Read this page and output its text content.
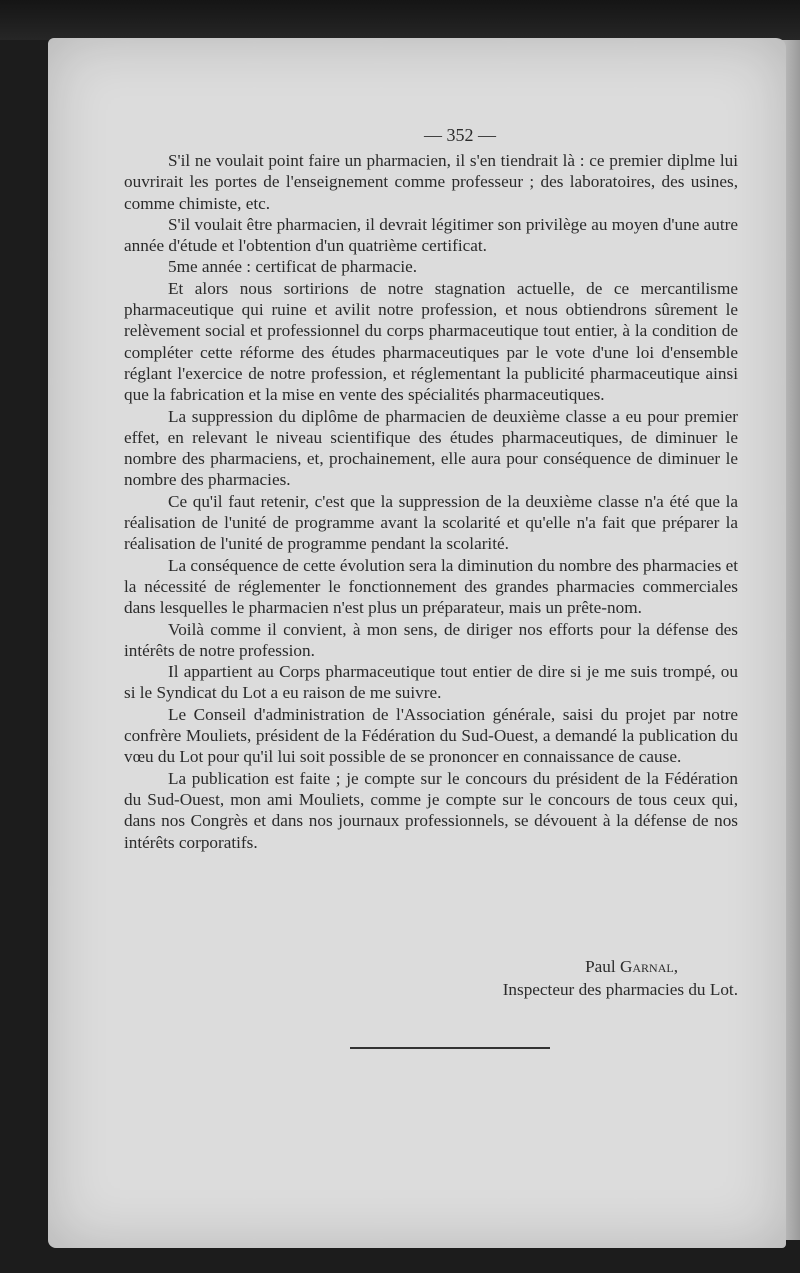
— 352 —

S'il ne voulait point faire un pharmacien, il s'en tiendrait là : ce premier diplme lui ouvrirait les portes de l'enseignement comme professeur ; des laboratoires, des usines, comme chimiste, etc.

S'il voulait être pharmacien, il devrait légitimer son privilège au moyen d'une autre année d'étude et l'obtention d'un quatrième certificat.

5me année : certificat de pharmacie.

Et alors nous sortirions de notre stagnation actuelle, de ce mercantilisme pharmaceutique qui ruine et avilit notre profession, et nous obtiendrons sûrement le relèvement social et professionnel du corps pharmaceutique tout entier, à la condition de compléter cette réforme des études pharmaceutiques par le vote d'une loi d'ensemble réglant l'exercice de notre profession, et réglementant la publicité pharmaceutique ainsi que la fabrication et la mise en vente des spécialités pharmaceutiques.

La suppression du diplôme de pharmacien de deuxième classe a eu pour premier effet, en relevant le niveau scientifique des études pharmaceutiques, de diminuer le nombre des pharmaciens, et, prochainement, elle aura pour conséquence de diminuer le nombre des pharmacies.

Ce qu'il faut retenir, c'est que la suppression de la deuxième classe n'a été que la réalisation de l'unité de programme avant la scolarité et qu'elle n'a fait que préparer la réalisation de l'unité de programme pendant la scolarité.

La conséquence de cette évolution sera la diminution du nombre des pharmacies et la nécessité de réglementer le fonctionnement des grandes pharmacies commerciales dans lesquelles le pharmacien n'est plus un préparateur, mais un prête-nom.

Voilà comme il convient, à mon sens, de diriger nos efforts pour la défense des intérêts de notre profession.

Il appartient au Corps pharmaceutique tout entier de dire si je me suis trompé, ou si le Syndicat du Lot a eu raison de me suivre.

Le Conseil d'administration de l'Association générale, saisi du projet par notre confrère Mouliets, président de la Fédération du Sud-Ouest, a demandé la publication du vœu du Lot pour qu'il lui soit possible de se prononcer en connaissance de cause.

La publication est faite ; je compte sur le concours du président de la Fédération du Sud-Ouest, mon ami Mouliets, comme je compte sur le concours de tous ceux qui, dans nos Congrès et dans nos journaux professionnels, se dévouent à la défense de nos intérêts corporatifs.

Paul Garnal,
Inspecteur des pharmacies du Lot.
